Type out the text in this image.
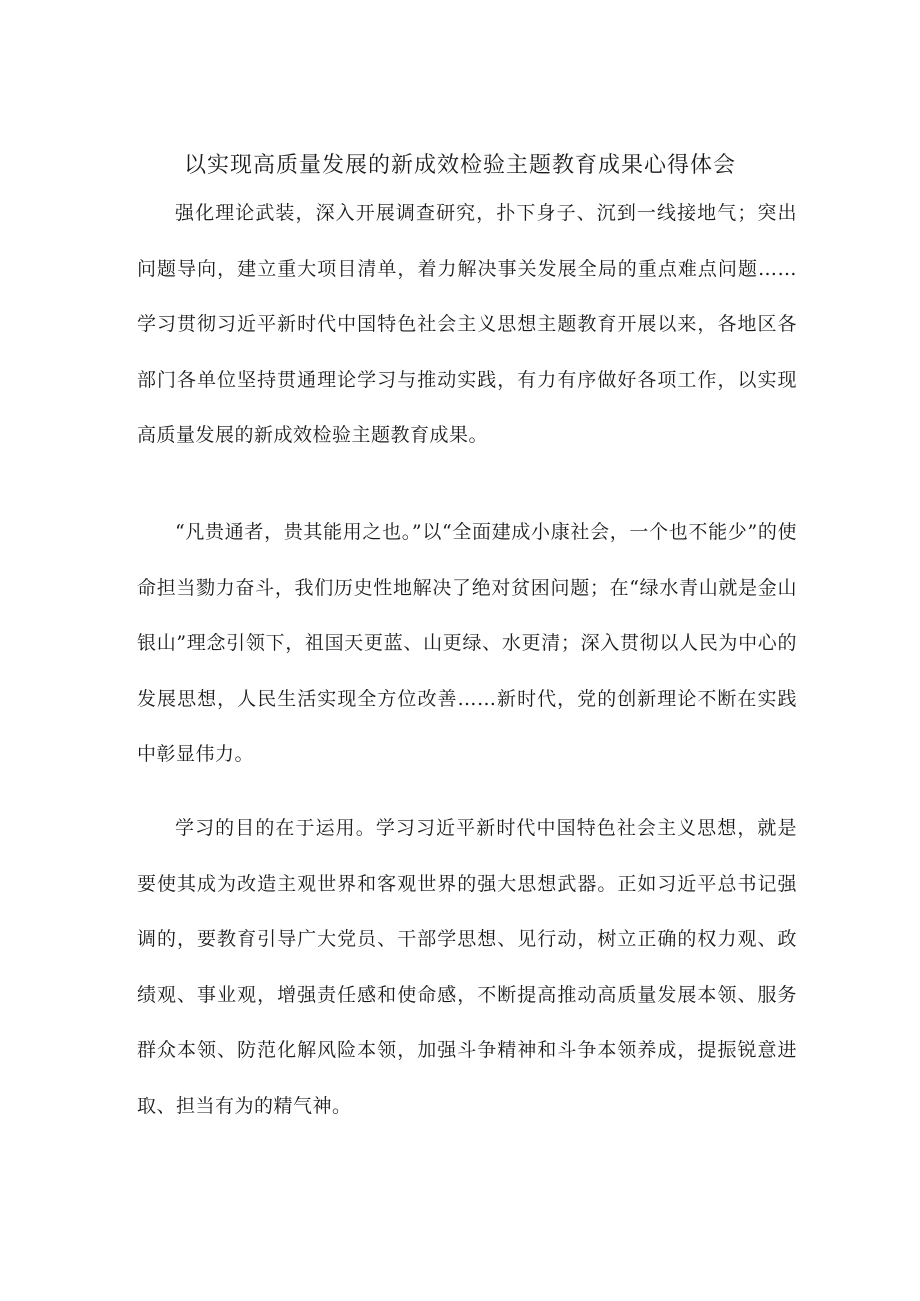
以实现高质量发展的新成效检验主题教育成果心得体会

强化理论武装，深入开展调查研究，扑下身子、沉到一线接地气；突出问题导向，建立重大项目清单，着力解决事关发展全局的重点难点问题……学习贯彻习近平新时代中国特色社会主义思想主题教育开展以来，各地区各部门各单位坚持贯通理论学习与推动实践，有力有序做好各项工作，以实现高质量发展的新成效检验主题教育成果。

“凡贵通者，贵其能用之也。”以“全面建成小康社会，一个也不能少”的使命担当勠力奋斗，我们历史性地解决了绝对贫困问题；在“绿水青山就是金山银山”理念引领下，祖国天更蓝、山更绿、水更清；深入贯彻以人民为中心的发展思想，人民生活实现全方位改善……新时代，党的创新理论不断在实践中彰显伟力。

学习的目的在于运用。学习习近平新时代中国特色社会主义思想，就是要使其成为改造主观世界和客观世界的强大思想武器。正如习近平总书记强调的，要教育引导广大党员、干部学思想、见行动，树立正确的权力观、政绩观、事业观，增强责任感和使命感，不断提高推动高质量发展本领、服务群众本领、防范化解风险本领，加强斗争精神和斗争本领养成，提振锐意进取、担当有为的精气神。
